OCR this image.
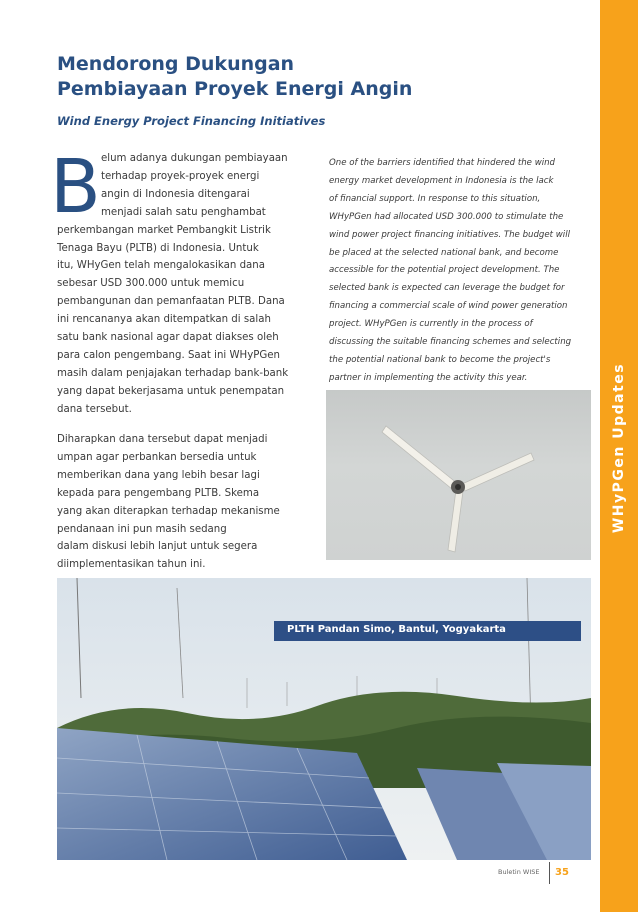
WHyPGen Updates
Mendorong Dukungan
Pembiayaan Proyek Energi Angin

Wind Energy Project Financing Initiatives

B elum adanya dukungan pembiayaan
terhadap proyek-proyek energi
angin di Indonesia ditengarai
menjadi salah satu penghambat
perkembangan market Pembangkit Listrik
Tenaga Bayu (PLTB) di Indonesia. Untuk
itu, WHyGen telah mengalokasikan dana
sebesar USD 300.000 untuk memicu
pembangunan dan pemanfaatan PLTB. Dana
ini rencananya akan ditempatkan di salah
satu bank nasional agar dapat diakses oleh
para calon pengembang. Saat ini WHyPGen
masih dalam penjajakan terhadap bank-bank
yang dapat bekerjasama untuk penempatan
dana tersebut.
Diharapkan dana tersebut dapat menjadi
umpan agar perbankan bersedia untuk
memberikan dana yang lebih besar lagi
kepada para pengembang PLTB. Skema
yang akan diterapkan terhadap mekanisme
pendanaan ini pun masih sedang
dalam diskusi lebih lanjut untuk segera
diimplementasikan tahun ini.
One of the barriers identified that hindered the wind
energy market development in Indonesia is the lack
of financial support. In response to this situation,
WHyPGen had allocated USD 300.000 to stimulate the
wind power project financing initiatives. The budget will
be placed at the selected national bank, and become
accessible for the potential project development. The
selected bank is expected can leverage the budget for
financing a commercial scale of wind power generation
project. WHyPGen is currently in the process of
discussing the suitable financing schemes and selecting
the potential national bank to become the project's
partner in implementing the activity this year.
PLTH Pandan Simo, Bantul, Yogyakarta
Buletin WISE 35
